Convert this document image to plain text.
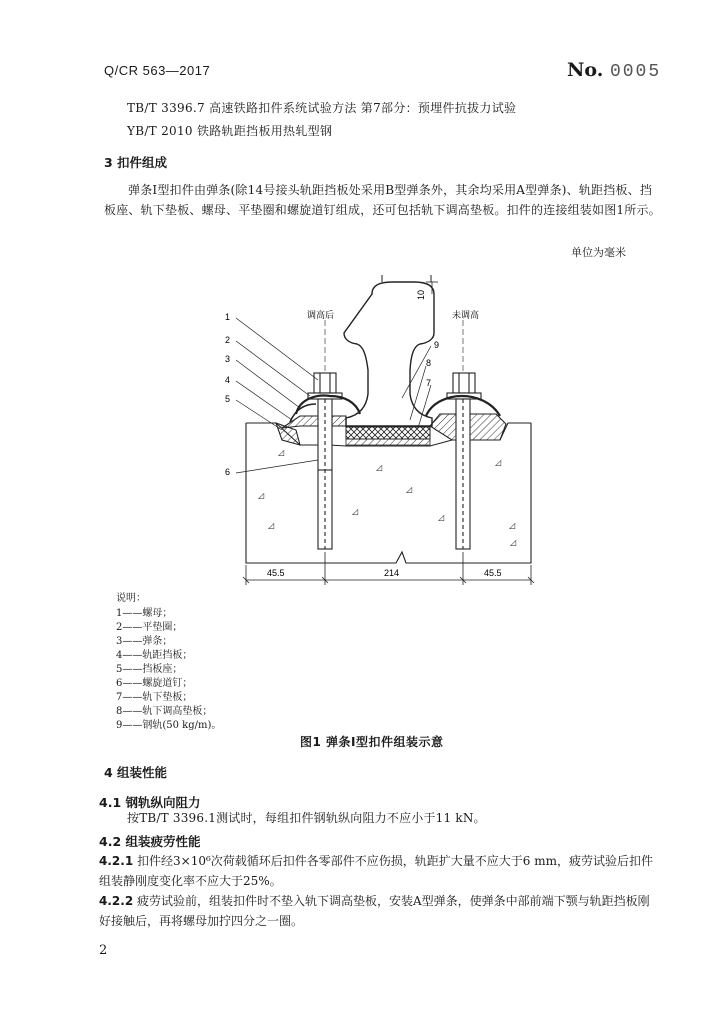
Q/CR 563—2017	No. 0005
TB/T 3396.7 高速铁路扣件系统试验方法 第7部分：预埋件抗拔力试验
YB/T 2010 铁路轨距挡板用热轧型钢
3 扣件组成
弹条Ⅰ型扣件由弹条(除14号接头轨距挡板处采用B型弹条外，其余均采用A型弹条)、轨距挡板、挡板座、轨下垫板、螺母、平垫圈和螺旋道钉组成，还可包括轨下调高垫板。扣件的连接组装如图1所示。
单位为毫米
◿
◿
◿
◿
◿
◿
◿
◿
◿
◿
10
调高后	未调高
1
2
3
4
5
6
9
8
7
45.5	214	45.5
说明：
1——螺母；
2——平垫圈；
3——弹条；
4——轨距挡板；
5——挡板座；
6——螺旋道钉；
7——轨下垫板；
8——轨下调高垫板；
9——钢轨(50 kg/m)。
图1 弹条Ⅰ型扣件组装示意
4 组装性能
4.1 钢轨纵向阻力
按TB/T 3396.1测试时，每组扣件钢轨纵向阻力不应小于11 kN。
4.2 组装疲劳性能
4.2.1 扣件经3×10⁶次荷载循环后扣件各零部件不应伤损，轨距扩大量不应大于6 mm，疲劳试验后扣件组装静刚度变化率不应大于25%。
4.2.2 疲劳试验前，组装扣件时不垫入轨下调高垫板，安装A型弹条，使弹条中部前端下颚与轨距挡板刚好接触后，再将螺母加拧四分之一圈。
2
